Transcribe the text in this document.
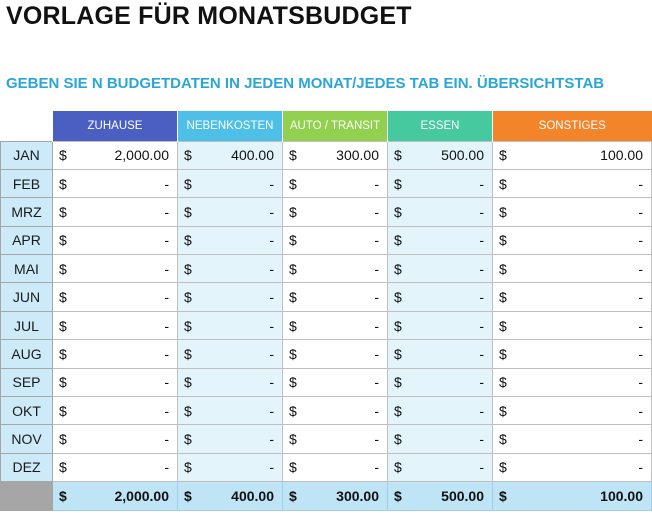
VORLAGE FÜR MONATSBUDGET
GEBEN SIE N BUDGETDATEN IN JEDEN MONAT/JEDES TAB EIN. ÜBERSICHTSTAB
	ZUHAUSE	NEBENKOSTEN	AUTO / TRANSIT	ESSEN	SONSTIGES
JAN	$ 2,000.00	$ 400.00	$ 300.00	$ 500.00	$ 100.00

FEB	$ -	$ -	$ -	$ -	$ -

MRZ	$ -	$ -	$ -	$ -	$ -

APR	$ -	$ -	$ -	$ -	$ -

MAI	$ -	$ -	$ -	$ -	$ -

JUN	$ -	$ -	$ -	$ -	$ -

JUL	$ -	$ -	$ -	$ -	$ -

AUG	$ -	$ -	$ -	$ -	$ -

SEP	$ -	$ -	$ -	$ -	$ -

OKT	$ -	$ -	$ -	$ -	$ -

NOV	$ -	$ -	$ -	$ -	$ -

DEZ	$ -	$ -	$ -	$ -	$ -

	$ 2,000.00	$ 400.00	$ 300.00	$ 500.00	$ 100.00
